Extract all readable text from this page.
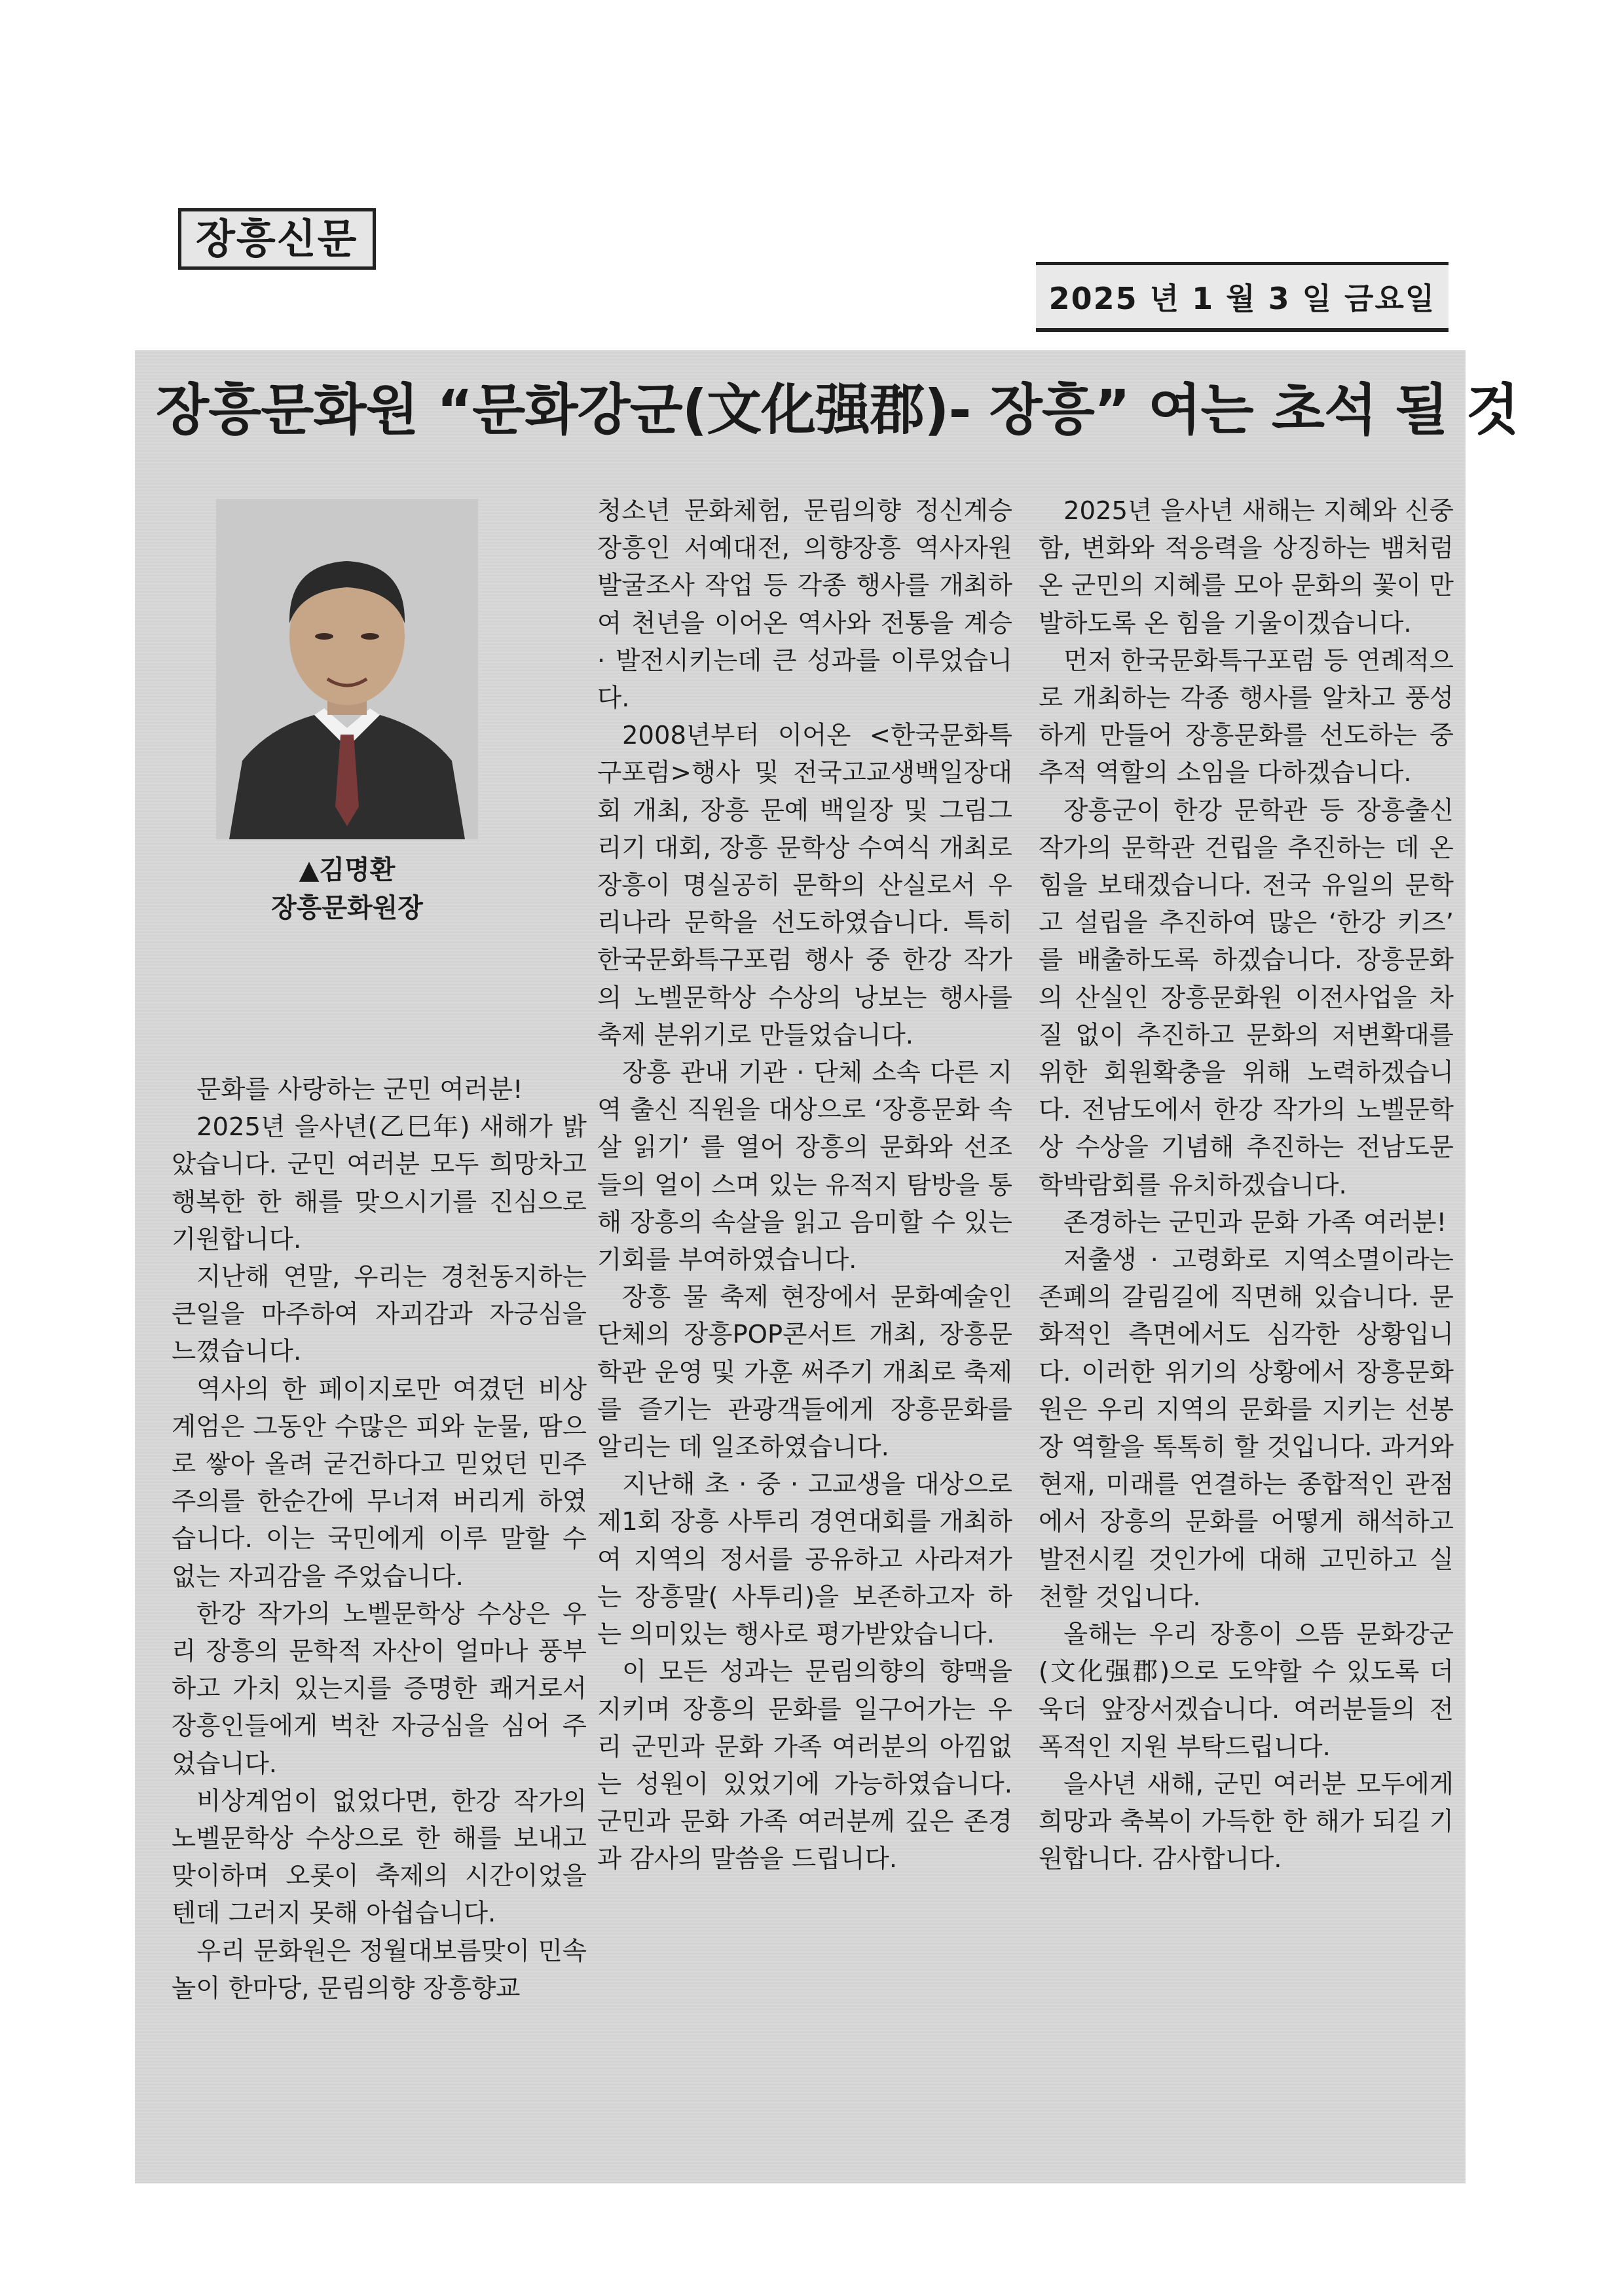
장흥신문
2025 년 1 월 3 일 금요일
장흥문화원 “문화강군(文化强郡)- 장흥” 여는 초석 될 것
▲김명환
장흥문화원장

문화를 사랑하는 군민 여러분!

2025년 을사년(乙巳年) 새해가 밝았습니다. 군민 여러분 모두 희망차고 행복한 한 해를 맞으시기를 진심으로 기원합니다.

지난해 연말, 우리는 경천동지하는 큰일을 마주하여 자괴감과 자긍심을 느꼈습니다.

역사의 한 페이지로만 여겼던 비상계엄은 그동안 수많은 피와 눈물, 땀으로 쌓아 올려 굳건하다고 믿었던 민주주의를 한순간에 무너져 버리게 하였습니다. 이는 국민에게 이루 말할 수 없는 자괴감을 주었습니다.

한강 작가의 노벨문학상 수상은 우리 장흥의 문학적 자산이 얼마나 풍부하고 가치 있는지를 증명한 쾌거로서 장흥인들에게 벅찬 자긍심을 심어 주었습니다.

비상계엄이 없었다면, 한강 작가의 노벨문학상 수상으로 한 해를 보내고 맞이하며 오롯이 축제의 시간이었을 텐데 그러지 못해 아쉽습니다.

우리 문화원은 정월대보름맞이 민속놀이 한마당, 문림의향 장흥향교

청소년 문화체험, 문림의향 정신계승 장흥인 서예대전, 의향장흥 역사자원발굴조사 작업 등 각종 행사를 개최하여 천년을 이어온 역사와 전통을 계승 · 발전시키는데 큰 성과를 이루었습니다.

2008년부터 이어온 <한국문화특구포럼>행사 및 전국고교생백일장대회 개최, 장흥 문예 백일장 및 그림그리기 대회, 장흥 문학상 수여식 개최로 장흥이 명실공히 문학의 산실로서 우리나라 문학을 선도하였습니다. 특히 한국문화특구포럼 행사 중 한강 작가의 노벨문학상 수상의 낭보는 행사를 축제 분위기로 만들었습니다.

장흥 관내 기관 · 단체 소속 다른 지역 출신 직원을 대상으로 ‘장흥문화 속살 읽기’ 를 열어 장흥의 문화와 선조들의 얼이 스며 있는 유적지 탐방을 통해 장흥의 속살을 읽고 음미할 수 있는 기회를 부여하였습니다.

장흥 물 축제 현장에서 문화예술인 단체의 장흥POP콘서트 개최, 장흥문학관 운영 및 가훈 써주기 개최로 축제를 즐기는 관광객들에게 장흥문화를 알리는 데 일조하였습니다.

지난해 초 · 중 · 고교생을 대상으로 제1회 장흥 사투리 경연대회를 개최하여 지역의 정서를 공유하고 사라져가는 장흥말( 사투리)을 보존하고자 하는 의미있는 행사로 평가받았습니다.

이 모든 성과는 문림의향의 향맥을 지키며 장흥의 문화를 일구어가는 우리 군민과 문화 가족 여러분의 아낌없는 성원이 있었기에 가능하였습니다. 군민과 문화 가족 여러분께 깊은 존경과 감사의 말씀을 드립니다.

2025년 을사년 새해는 지혜와 신중함, 변화와 적응력을 상징하는 뱀처럼 온 군민의 지혜를 모아 문화의 꽃이 만발하도록 온 힘을 기울이겠습니다.

먼저 한국문화특구포럼 등 연례적으로 개최하는 각종 행사를 알차고 풍성하게 만들어 장흥문화를 선도하는 중추적 역할의 소임을 다하겠습니다.

장흥군이 한강 문학관 등 장흥출신 작가의 문학관 건립을 추진하는 데 온 힘을 보태겠습니다. 전국 유일의 문학고 설립을 추진하여 많은 ‘한강 키즈’ 를 배출하도록 하겠습니다. 장흥문화의 산실인 장흥문화원 이전사업을 차질 없이 추진하고 문화의 저변확대를 위한 회원확충을 위해 노력하겠습니다. 전남도에서 한강 작가의 노벨문학상 수상을 기념해 추진하는 전남도문학박람회를 유치하겠습니다.

존경하는 군민과 문화 가족 여러분!

저출생 · 고령화로 지역소멸이라는 존폐의 갈림길에 직면해 있습니다. 문화적인 측면에서도 심각한 상황입니다. 이러한 위기의 상황에서 장흥문화원은 우리 지역의 문화를 지키는 선봉장 역할을 톡톡히 할 것입니다. 과거와 현재, 미래를 연결하는 종합적인 관점에서 장흥의 문화를 어떻게 해석하고 발전시킬 것인가에 대해 고민하고 실천할 것입니다.

올해는 우리 장흥이 으뜸 문화강군(文化强郡)으로 도약할 수 있도록 더욱더 앞장서겠습니다. 여러분들의 전폭적인 지원 부탁드립니다.

을사년 새해, 군민 여러분 모두에게 희망과 축복이 가득한 한 해가 되길 기원합니다. 감사합니다.
